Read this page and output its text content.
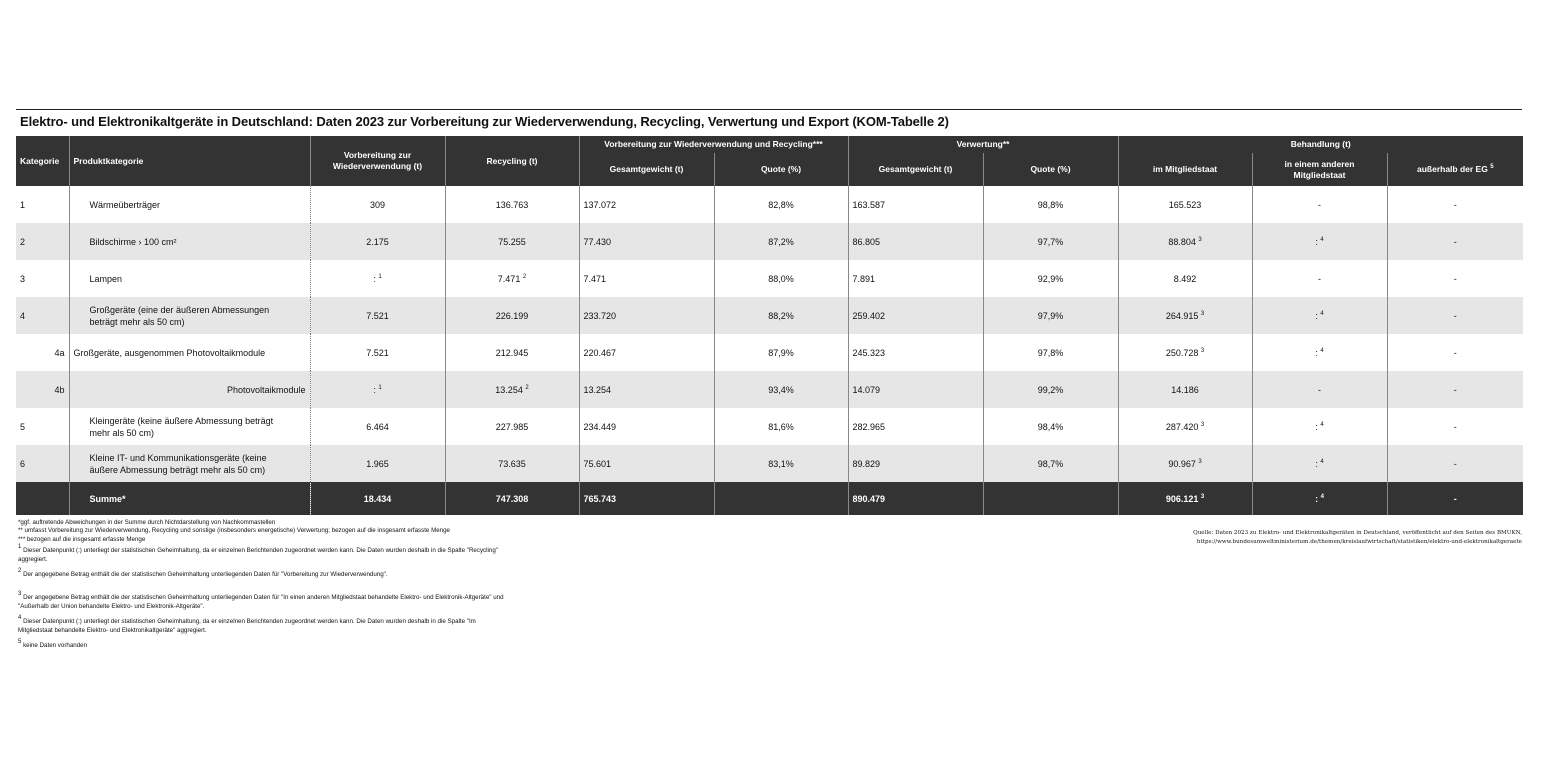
Elektro- und Elektronikaltgeräte in Deutschland: Daten 2023 zur Vorbereitung zur Wiederverwendung, Recycling, Verwertung und Export (KOM-Tabelle 2)
Kategorie	Produktkategorie	Vorbereitung zur
Wiederverwendung (t)	Recycling (t)	Vorbereitung zur Wiederverwendung und Recycling***		Verwertung**		Behandlung (t)		
				Gesamtgewicht (t)	Quote (%)	Gesamtgewicht (t)	Quote (%)	im Mitgliedstaat	in einem anderen
Mitgliedstaat	außerhalb der EG $^5$
1	Wärmeüberträger	309	136.763	137.072	82,8%	163.587	98,8%	165.523	-	-
2	Bildschirme › 100 cm²	2.175	75.255	77.430	87,2%	86.805	97,7%	88.804 $^3$	: $^4$	-
3	Lampen	: $^1$	7.471 $^2$	7.471	88,0%	7.891	92,9%	8.492	-	-
4	Großgeräte (eine der äußeren Abmessungen
beträgt mehr als 50 cm)	7.521	226.199	233.720	88,2%	259.402	97,9%	264.915 $^3$	: $^4$	-
4a	Großgeräte, ausgenommen Photovoltaikmodule	7.521	212.945	220.467	87,9%	245.323	97,8%	250.728 $^3$	: $^4$	-
4b	Photovoltaikmodule	: $^1$	13.254 $^2$	13.254	93,4%	14.079	99,2%	14.186	-	-
5	Kleingeräte (keine äußere Abmessung beträgt
mehr als 50 cm)	6.464	227.985	234.449	81,6%	282.965	98,4%	287.420 $^3$	: $^4$	-
6	Kleine IT- und Kommunikationsgeräte (keine
äußere Abmessung beträgt mehr als 50 cm)	1.965	73.635	75.601	83,1%	89.829	98,7%	90.967 $^3$	: $^4$	-
	Summe*	18.434	747.308	765.743		890.479		906.121 $^3$	: $^4$	-
*ggf. auftretende Abweichungen in der Summe durch Nichtdarstellung von Nachkommastellen
** umfasst Vorbereitung zur Wiederverwendung, Recycling und sonstige (insbesonders energetische) Verwertung; bezogen auf die insgesamt erfasste Menge
*** bezogen auf die insgesamt erfasste Menge
$^1$ Dieser Datenpunkt (:) unterliegt der statistischen Geheimhaltung, da er einzelnen Berichtenden zugeordnet werden kann. Die Daten wurden deshalb in die Spalte "Recycling"
aggregiert.
$^2$ Der angegebene Betrag enthält die der statistischen Geheimhaltung unterliegenden Daten für "Vorbereitung zur Wiederverwendung".
$^3$ Der angegebene Betrag enthält die der statistischen Geheimhaltung unterliegenden Daten für "In einen anderen Mitgliedstaat behandelte Elektro- und Elektronik-Altgeräte" und
"Außerhalb der Union behandelte Elektro- und Elektronik-Altgeräte".
$^4$ Dieser Datenpunkt (:) unterliegt der statistischen Geheimhaltung, da er einzelnen Berichtenden zugeordnet werden kann. Die Daten wurden deshalb in die Spalte "Im
Mitgliedstaat behandelte Elektro- und Elektronikaltgeräte" aggregiert.
$^5$ keine Daten vorhanden
Quelle: Daten 2023 zu Elektro- und Elektronikaltgeräten in Deutschland, veröffentlicht auf den Seiten des BMUKN,
https://www.bundesumweltministerium.de/themen/kreislaufwirtschaft/statistiken/elektro-und-elektronikaltgeraete
